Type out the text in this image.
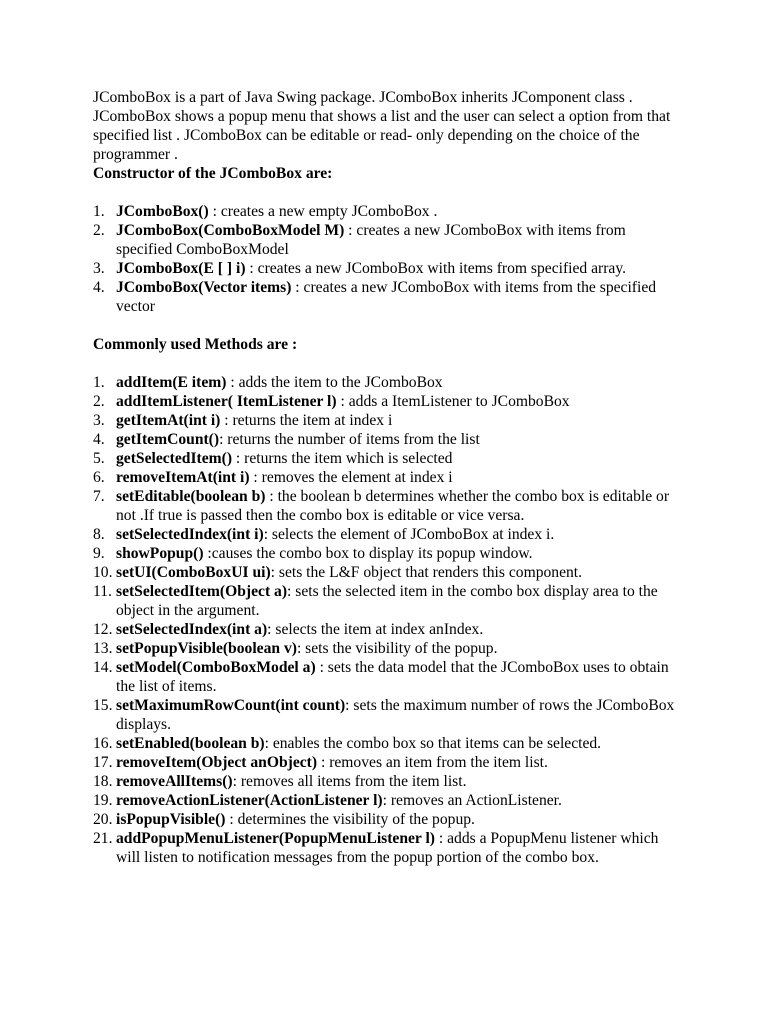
JComboBox is a part of Java Swing package. JComboBox inherits JComponent class . JComboBox shows a popup menu that shows a list and the user can select a option from that specified list . JComboBox can be editable or read- only depending on the choice of the programmer .

Constructor of the JComboBox are:

1. JComboBox() : creates a new empty JComboBox .
2. JComboBox(ComboBoxModel M) : creates a new JComboBox with items from specified ComboBoxModel
3. JComboBox(E [ ] i) : creates a new JComboBox with items from specified array.
4. JComboBox(Vector items) : creates a new JComboBox with items from the specified vector

Commonly used Methods are :

1. addItem(E item) : adds the item to the JComboBox
2. addItemListener( ItemListener l) : adds a ItemListener to JComboBox
3. getItemAt(int i) : returns the item at index i
4. getItemCount(): returns the number of items from the list
5. getSelectedItem() : returns the item which is selected
6. removeItemAt(int i) : removes the element at index i
7. setEditable(boolean b) : the boolean b determines whether the combo box is editable or not .If true is passed then the combo box is editable or vice versa.
8. setSelectedIndex(int i): selects the element of JComboBox at index i.
9. showPopup() :causes the combo box to display its popup window.
10. setUI(ComboBoxUI ui): sets the L&F object that renders this component.
11. setSelectedItem(Object a): sets the selected item in the combo box display area to the object in the argument.
12. setSelectedIndex(int a): selects the item at index anIndex.
13. setPopupVisible(boolean v): sets the visibility of the popup.
14. setModel(ComboBoxModel a) : sets the data model that the JComboBox uses to obtain the list of items.
15. setMaximumRowCount(int count): sets the maximum number of rows the JComboBox displays.
16. setEnabled(boolean b): enables the combo box so that items can be selected.
17. removeItem(Object anObject) : removes an item from the item list.
18. removeAllItems(): removes all items from the item list.
19. removeActionListener(ActionListener l): removes an ActionListener.
20. isPopupVisible() : determines the visibility of the popup.
21. addPopupMenuListener(PopupMenuListener l) : adds a PopupMenu listener which will listen to notification messages from the popup portion of the combo box.
